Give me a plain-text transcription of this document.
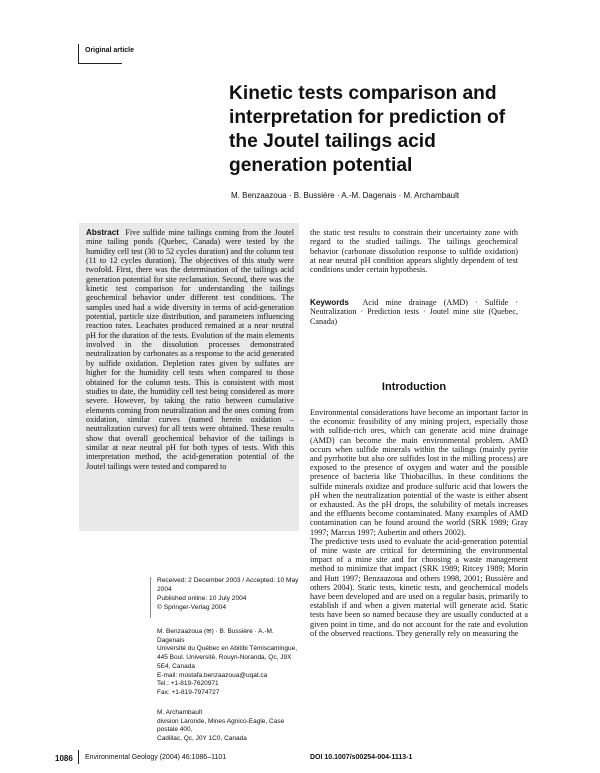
Original article
Kinetic tests comparison and interpretation for prediction of the Joutel tailings acid generation potential
M. Benzaazoua · B. Bussière · A.-M. Dagenais · M. Archambault

Abstract Five sulfide mine tailings coming from the Joutel mine tailing ponds (Quebec, Canada) were tested by the humidity cell test (30 to 52 cycles duration) and the column test (11 to 12 cycles duration). The objectives of this study were twofold. First, there was the determination of the tailings acid generation potential for site reclamation. Second, there was the kinetic test comparison for understanding the tailings geochemical behavior under different test conditions. The samples used had a wide diversity in terms of acid-generation potential, particle size distribution, and parameters influencing reaction rates. Leachates produced remained at a near neutral pH for the duration of the tests. Evolution of the main elements involved in the dissolution processes demonstrated neutralization by carbonates as a response to the acid generated by sulfide oxidation. Depletion rates given by sulfates are higher for the humidity cell tests when compared to those obtained for the column tests. This is consistent with most studies to date, the humidity cell test being considered as more severe. However, by taking the ratio between cumulative elements coming from neutralization and the ones coming from oxidation, similar curves (named herein oxidation –neutralization curves) for all tests were obtained. These results show that overall geochemical behavior of the tailings is similar at near neutral pH for both types of tests. With this interpretation method, the acid-generation potential of the Joutel tailings were tested and compared to

the static test results to constrain their uncertainty zone with regard to the studied tailings. The tailings geochemical behavior (carbonate dissolution response to sulfide oxidation) at near neutral pH condition appears slightly dependent of test conditions under certain hypothesis.

Keywords Acid mine drainage (AMD) · Sulfide · Neutralization · Prediction tests · Joutel mine site (Quebec, Canada)

Introduction

Environmental considerations have become an important factor in the economic feasibility of any mining project, especially those with sulfide-rich ores, which can generate acid mine drainage (AMD) can become the main environmental problem. AMD occurs when sulfide minerals within the tailings (mainly pyrite and pyrrhotite but also ore sulfides lost in the milling process) are exposed to the presence of oxygen and water and the possible presence of bacteria like Thiobacillus. In these conditions the sulfide minerals oxidize and produce sulfuric acid that lowers the pH when the neutralization potential of the waste is either absent or exhausted. As the pH drops, the solubility of metals increases and the effluents become contaminated. Many examples of AMD contamination can be found around the world (SRK 1989; Gray 1997; Marcus 1997; Aubertin and others 2002).

The predictive tests used to evaluate the acid-generation potential of mine waste are critical for determining the environmental impact of a mine site and for choosing a waste management method to minimize that impact (SRK 1989; Ritcey 1989; Morin and Hutt 1997; Benzaazoua and others 1998, 2001; Bussière and others 2004). Static tests, kinetic tests, and geochemical models have been developed and are used on a regular basis, primarily to establish if and when a given material will generate acid. Static tests have been so named because they are usually conducted at a given point in time, and do not account for the rate and evolution of the observed reactions. They generally rely on measuring the

Received: 2 December 2003 / Accepted: 10 May 2004
Published online: 10 July 2004
© Springer-Verlag 2004
M. Benzaazoua (✉) · B. Bussière · A.-M. Dagenais
Université du Québec en Abitibi Témiscamingue,
445 Boul. Université, Rouyn-Noranda, Qc, J9X 5E4, Canada
E-mail: mostafa.benzaazoua@uqat.ca
Tel.: +1-819-7620971
Fax: +1-819-7974727
M. Archambault
division Laronde, Mines Agnico-Eagle, Case postale 400,
Cadillac, Qc, J0Y 1C0, Canada
1086 Environmental Geology (2004) 46:1086–1101	DOI 10.1007/s00254-004-1113-1
